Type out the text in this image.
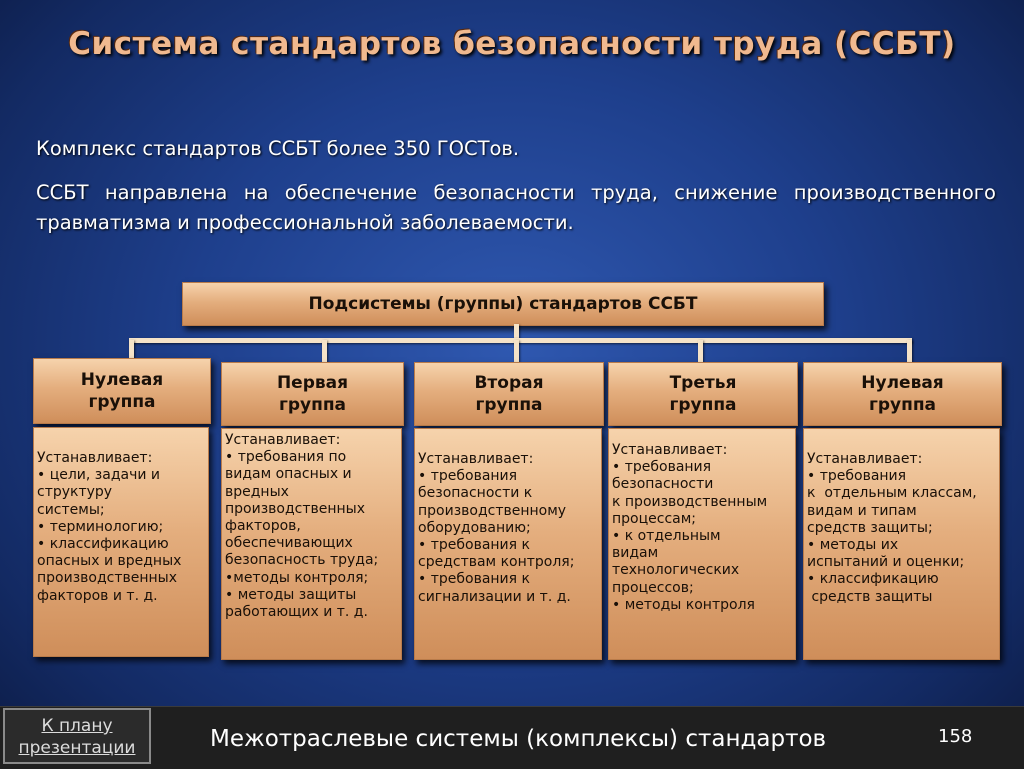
Система стандартов безопасности труда (ССБТ)
Комплекс стандартов ССБТ более 350 ГОСТов.
ССБТ направлена на обеспечение безопасности труда, снижение производственного травматизма и профессиональной заболеваемости.
Подсистемы (группы) стандартов ССБТ
Нулевая
группа
Устанавливает:
• цели, задачи и
структуру
системы;
• терминологию;
• классификацию
опасных и вредных
производственных
факторов и т. д.
Первая
группа
Устанавливает:
• требования по
видам опасных и
вредных
производственных
факторов,
обеспечивающих
безопасность труда;
•методы контроля;
• методы защиты
работающих и т. д.
Вторая
группа
Устанавливает:
• требования
безопасности к
производственному
оборудованию;
• требования к
средствам контроля;
• требования к
сигнализации и т. д.
Третья
группа
Устанавливает:
• требования
безопасности
к производственным
процессам;
• к отдельным
видам
технологических
процессов;
• методы контроля
Нулевая
группа
Устанавливает:
• требования
к  отдельным классам,
видам и типам
средств защиты;
• методы их
испытаний и оценки;
• классификацию
средств защиты
К плану
презентации	Межотраслевые системы (комплексы) стандартов	158
